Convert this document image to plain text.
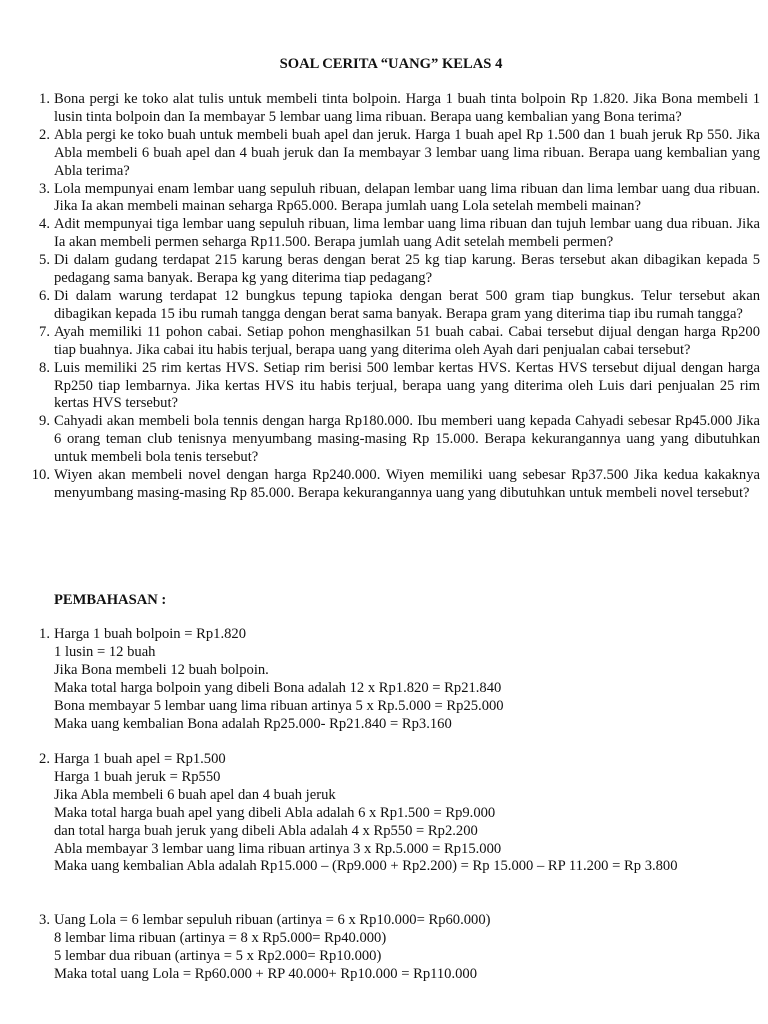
SOAL CERITA “UANG” KELAS 4
1. Bona pergi ke toko alat tulis untuk membeli tinta bolpoin. Harga 1 buah tinta bolpoin Rp 1.820. Jika Bona membeli 1 lusin tinta bolpoin dan Ia membayar 5 lembar uang lima ribuan. Berapa uang kembalian yang Bona terima?
2. Abla pergi ke toko buah untuk membeli buah apel dan jeruk. Harga 1 buah apel Rp 1.500 dan 1 buah jeruk Rp 550. Jika Abla membeli 6 buah apel dan 4 buah jeruk dan Ia membayar 3 lembar uang lima ribuan. Berapa uang kembalian yang Abla terima?
3. Lola mempunyai enam lembar uang sepuluh ribuan, delapan lembar uang lima ribuan dan lima lembar uang dua ribuan. Jika Ia akan membeli mainan seharga Rp65.000. Berapa jumlah uang Lola setelah membeli mainan?
4. Adit mempunyai tiga lembar uang sepuluh ribuan, lima lembar uang lima ribuan dan tujuh lembar uang dua ribuan. Jika Ia akan membeli permen seharga Rp11.500. Berapa jumlah uang Adit setelah membeli permen?
5. Di dalam gudang terdapat 215 karung beras dengan berat 25 kg tiap karung. Beras tersebut akan dibagikan kepada 5 pedagang sama banyak. Berapa kg yang diterima tiap pedagang?
6. Di dalam warung terdapat 12 bungkus tepung tapioka dengan berat 500 gram tiap bungkus. Telur tersebut akan dibagikan kepada 15 ibu rumah tangga dengan berat sama banyak. Berapa gram yang diterima tiap ibu rumah tangga?
7. Ayah memiliki 11 pohon cabai. Setiap pohon menghasilkan 51 buah cabai. Cabai tersebut dijual dengan harga Rp200 tiap buahnya. Jika cabai itu habis terjual, berapa uang yang diterima oleh Ayah dari penjualan cabai tersebut?
8. Luis memiliki 25 rim kertas HVS. Setiap rim berisi 500 lembar kertas HVS. Kertas HVS tersebut dijual dengan harga Rp250 tiap lembarnya. Jika kertas HVS itu habis terjual, berapa uang yang diterima oleh Luis dari penjualan 25 rim kertas HVS tersebut?
9. Cahyadi akan membeli bola tennis dengan harga Rp180.000. Ibu memberi uang kepada Cahyadi sebesar Rp45.000 Jika 6 orang teman club tenisnya menyumbang masing-masing Rp 15.000. Berapa kekurangannya uang yang dibutuhkan untuk membeli bola tenis tersebut?
10. Wiyen akan membeli novel dengan harga Rp240.000. Wiyen memiliki uang sebesar Rp37.500 Jika kedua kakaknya menyumbang masing-masing Rp 85.000. Berapa kekurangannya uang yang dibutuhkan untuk membeli novel tersebut?
PEMBAHASAN :
1. Harga 1 buah bolpoin = Rp1.820
1 lusin = 12 buah
Jika Bona membeli 12 buah bolpoin.
Maka total harga bolpoin yang dibeli Bona adalah 12 x Rp1.820 = Rp21.840
Bona membayar 5 lembar uang lima ribuan artinya 5 x Rp.5.000 = Rp25.000
Maka uang kembalian Bona adalah Rp25.000- Rp21.840 = Rp3.160
2. Harga 1 buah apel = Rp1.500
Harga 1 buah jeruk = Rp550
Jika Abla membeli 6 buah apel dan 4 buah jeruk
Maka total harga buah apel yang dibeli Abla adalah 6 x Rp1.500 = Rp9.000
dan total harga buah jeruk yang dibeli Abla adalah 4 x Rp550 = Rp2.200
Abla membayar 3 lembar uang lima ribuan artinya 3 x Rp.5.000 = Rp15.000
Maka uang kembalian Abla adalah Rp15.000 – (Rp9.000 + Rp2.200) = Rp 15.000 – RP 11.200 = Rp 3.800
3. Uang Lola = 6 lembar sepuluh ribuan (artinya = 6 x Rp10.000= Rp60.000)
8 lembar lima ribuan (artinya = 8 x Rp5.000= Rp40.000)
5 lembar dua ribuan (artinya = 5 x Rp2.000= Rp10.000)
Maka total uang Lola = Rp60.000 + RP 40.000+ Rp10.000 = Rp110.000
